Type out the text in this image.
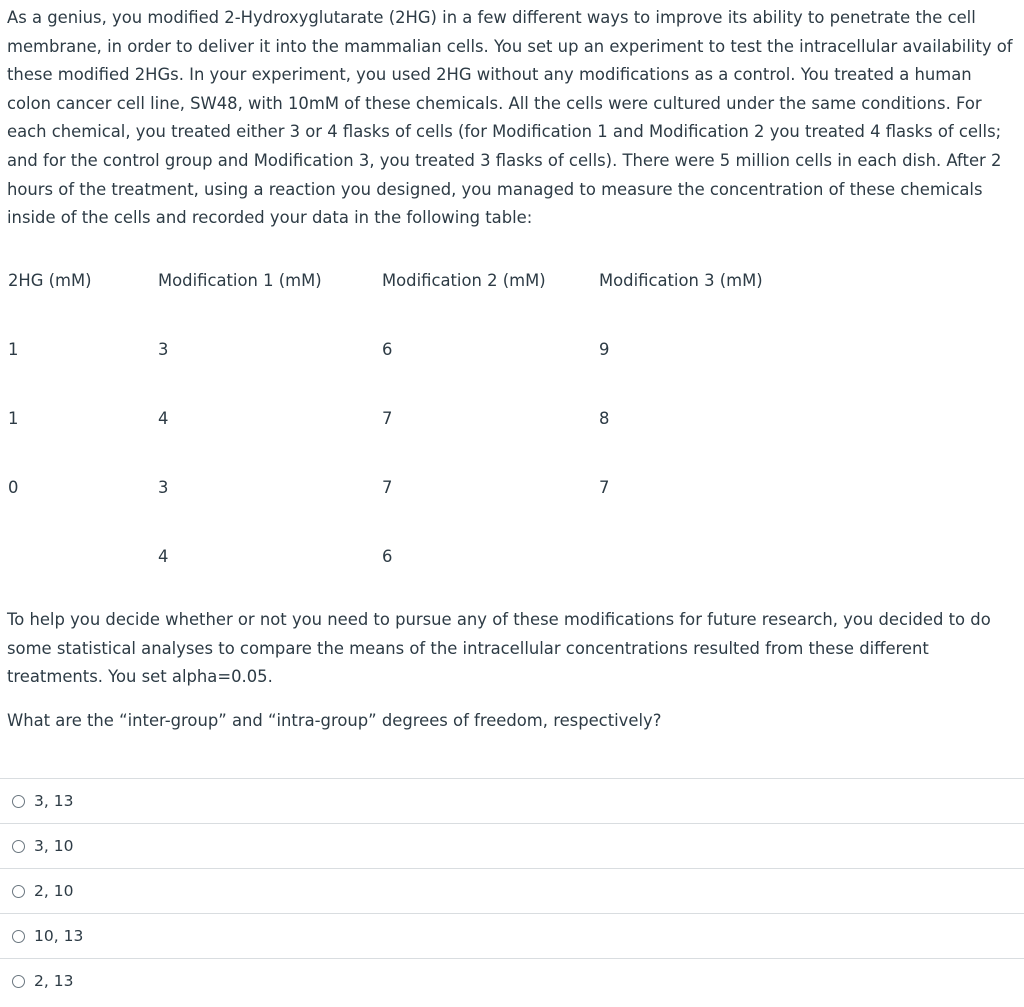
As a genius, you modified 2-Hydroxyglutarate (2HG) in a few different ways to improve its ability to penetrate the cell membrane, in order to deliver it into the mammalian cells. You set up an experiment to test the intracellular availability of these modified 2HGs. In your experiment, you used 2HG without any modifications as a control. You treated a human colon cancer cell line, SW48, with 10mM of these chemicals. All the cells were cultured under the same conditions. For each chemical, you treated either 3 or 4 flasks of cells (for Modification 1 and Modification 2 you treated 4 flasks of cells; and for the control group and Modification 3, you treated 3 flasks of cells). There were 5 million cells in each dish. After 2 hours of the treatment, using a reaction you designed, you managed to measure the concentration of these chemicals inside of the cells and recorded your data in the following table:

2HG (mM)	Modification 1 (mM)	Modification 2 (mM)	Modification 3 (mM)
1	3	6	9
1	4	7	8
0	3	7	7
	4	6	

To help you decide whether or not you need to pursue any of these modifications for future research, you decided to do some statistical analyses to compare the means of the intracellular concentrations resulted from these different treatments. You set alpha=0.05.

What are the “inter-group” and “intra-group” degrees of freedom, respectively?

3, 13
3, 10
2, 10
10, 13
2, 13
